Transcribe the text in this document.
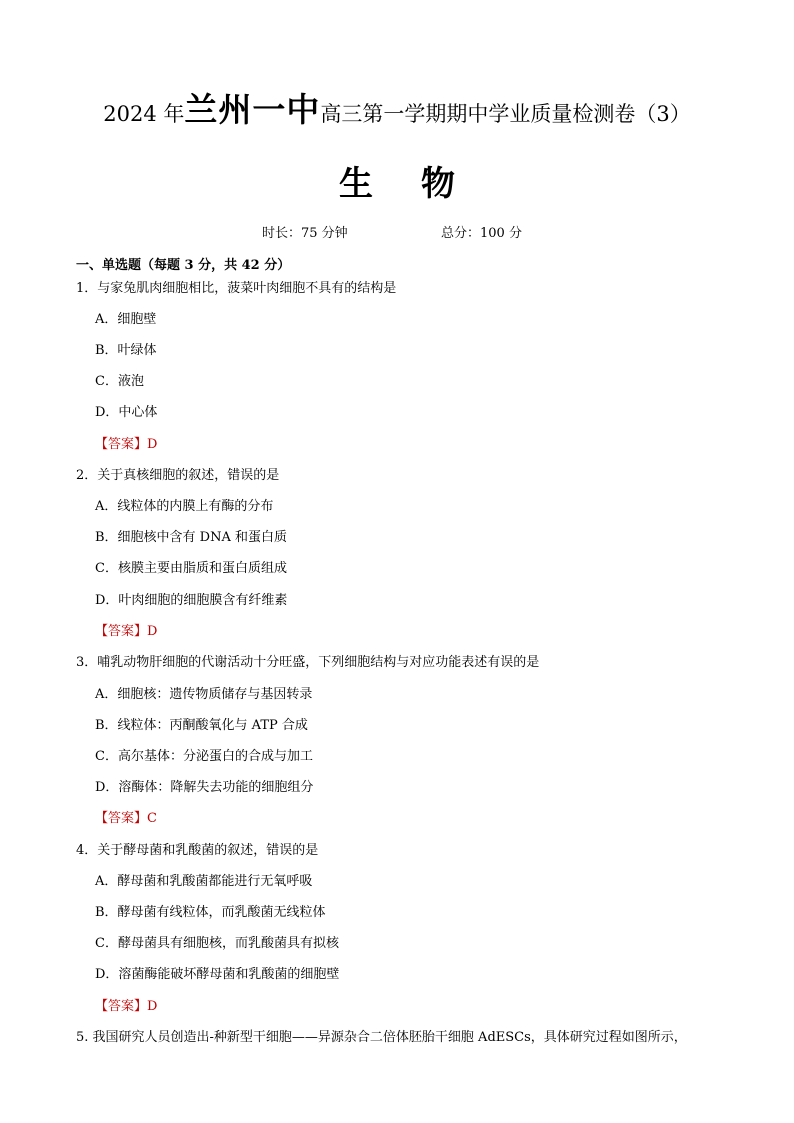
2024 年兰州一中高三第一学期期中学业质量检测卷（3）
生物
时长：75 分钟	总分：100 分
一、单选题（每题 3 分，共 42 分）
1．与家兔肌肉细胞相比，菠菜叶肉细胞不具有的结构是
A．细胞壁
B．叶绿体
C．液泡
D．中心体
【答案】D
2．关于真核细胞的叙述，错误的是
A．线粒体的内膜上有酶的分布
B．细胞核中含有 DNA 和蛋白质
C．核膜主要由脂质和蛋白质组成
D．叶肉细胞的细胞膜含有纤维素
【答案】D
3．哺乳动物肝细胞的代谢活动十分旺盛，下列细胞结构与对应功能表述有误的是
A．细胞核：遗传物质储存与基因转录
B．线粒体：丙酮酸氧化与 ATP 合成
C．高尔基体：分泌蛋白的合成与加工
D．溶酶体：降解失去功能的细胞组分
【答案】C
4．关于酵母菌和乳酸菌的叙述，错误的是
A．酵母菌和乳酸菌都能进行无氧呼吸
B．酵母菌有线粒体，而乳酸菌无线粒体
C．酵母菌具有细胞核，而乳酸菌具有拟核
D．溶菌酶能破坏酵母菌和乳酸菌的细胞壁
【答案】D
5. 我国研究人员创造出-种新型干细胞——异源杂合二倍体胚胎干细胞 AdESCs，具体研究过程如图所示，
